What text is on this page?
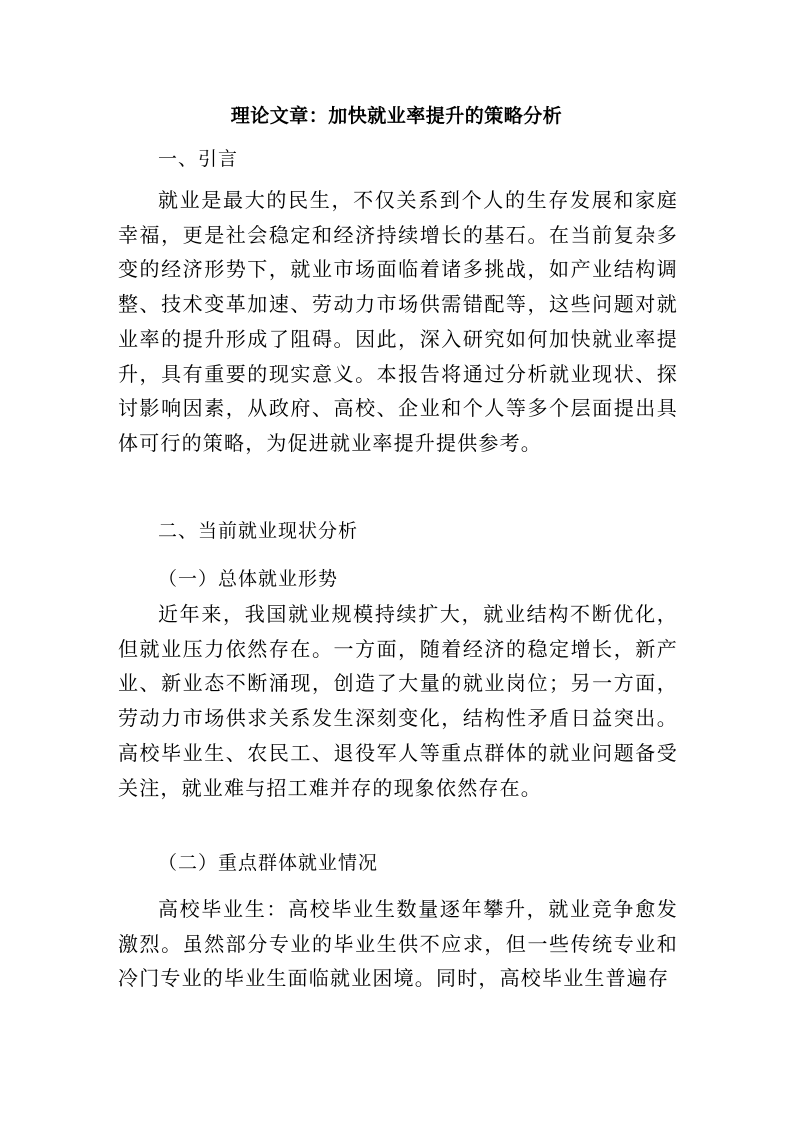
理论文章：加快就业率提升的策略分析
一、引言
就业是最大的民生，不仅关系到个人的生存发展和家庭幸福，更是社会稳定和经济持续增长的基石。在当前复杂多变的经济形势下，就业市场面临着诸多挑战，如产业结构调整、技术变革加速、劳动力市场供需错配等，这些问题对就业率的提升形成了阻碍。因此，深入研究如何加快就业率提升，具有重要的现实意义。本报告将通过分析就业现状、探讨影响因素，从政府、高校、企业和个人等多个层面提出具体可行的策略，为促进就业率提升提供参考。
二、当前就业现状分析
（一）总体就业形势
近年来，我国就业规模持续扩大，就业结构不断优化，但就业压力依然存在。一方面，随着经济的稳定增长，新产业、新业态不断涌现，创造了大量的就业岗位；另一方面，劳动力市场供求关系发生深刻变化，结构性矛盾日益突出。高校毕业生、农民工、退役军人等重点群体的就业问题备受关注，就业难与招工难并存的现象依然存在。
（二）重点群体就业情况
高校毕业生：高校毕业生数量逐年攀升，就业竞争愈发激烈。虽然部分专业的毕业生供不应求，但一些传统专业和冷门专业的毕业生面临就业困境。同时，高校毕业生普遍存
